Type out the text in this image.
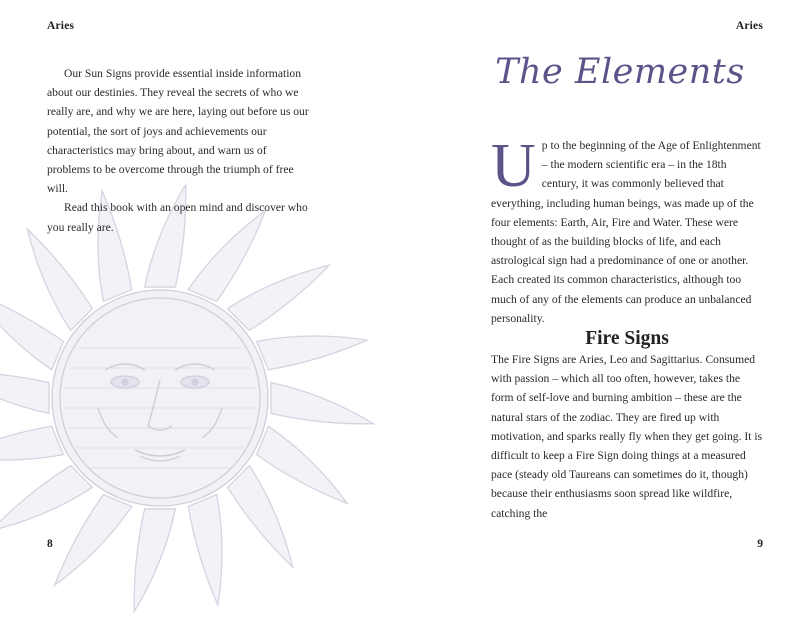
Aries

Our Sun Signs provide essential inside information about our destinies. They reveal the secrets of who we really are, and why we are here, laying out before us our potential, the sort of joys and achievements our characteristics may bring about, and warn us of problems to be overcome through the triumph of free will.

Read this book with an open mind and discover who you really are.

8
Aries
The Elements
U p to the beginning of the Age of Enlightenment – the modern scientific era – in the 18th century, it was commonly believed that everything, including human beings, was made up of the four elements: Earth, Air, Fire and Water. These were thought of as the building blocks of life, and each astrological sign had a predominance of one or another. Each created its common characteristics, although too much of any of the elements can produce an unbalanced personality.
Fire Signs

The Fire Signs are Aries, Leo and Sagittarius. Consumed with passion – which all too often, however, takes the form of self-love and burning ambition – these are the natural stars of the zodiac. They are fired up with motivation, and sparks really fly when they get going. It is difficult to keep a Fire Sign doing things at a measured pace (steady old Taureans can sometimes do it, though) because their enthusiasms soon spread like wildfire, catching the

9
